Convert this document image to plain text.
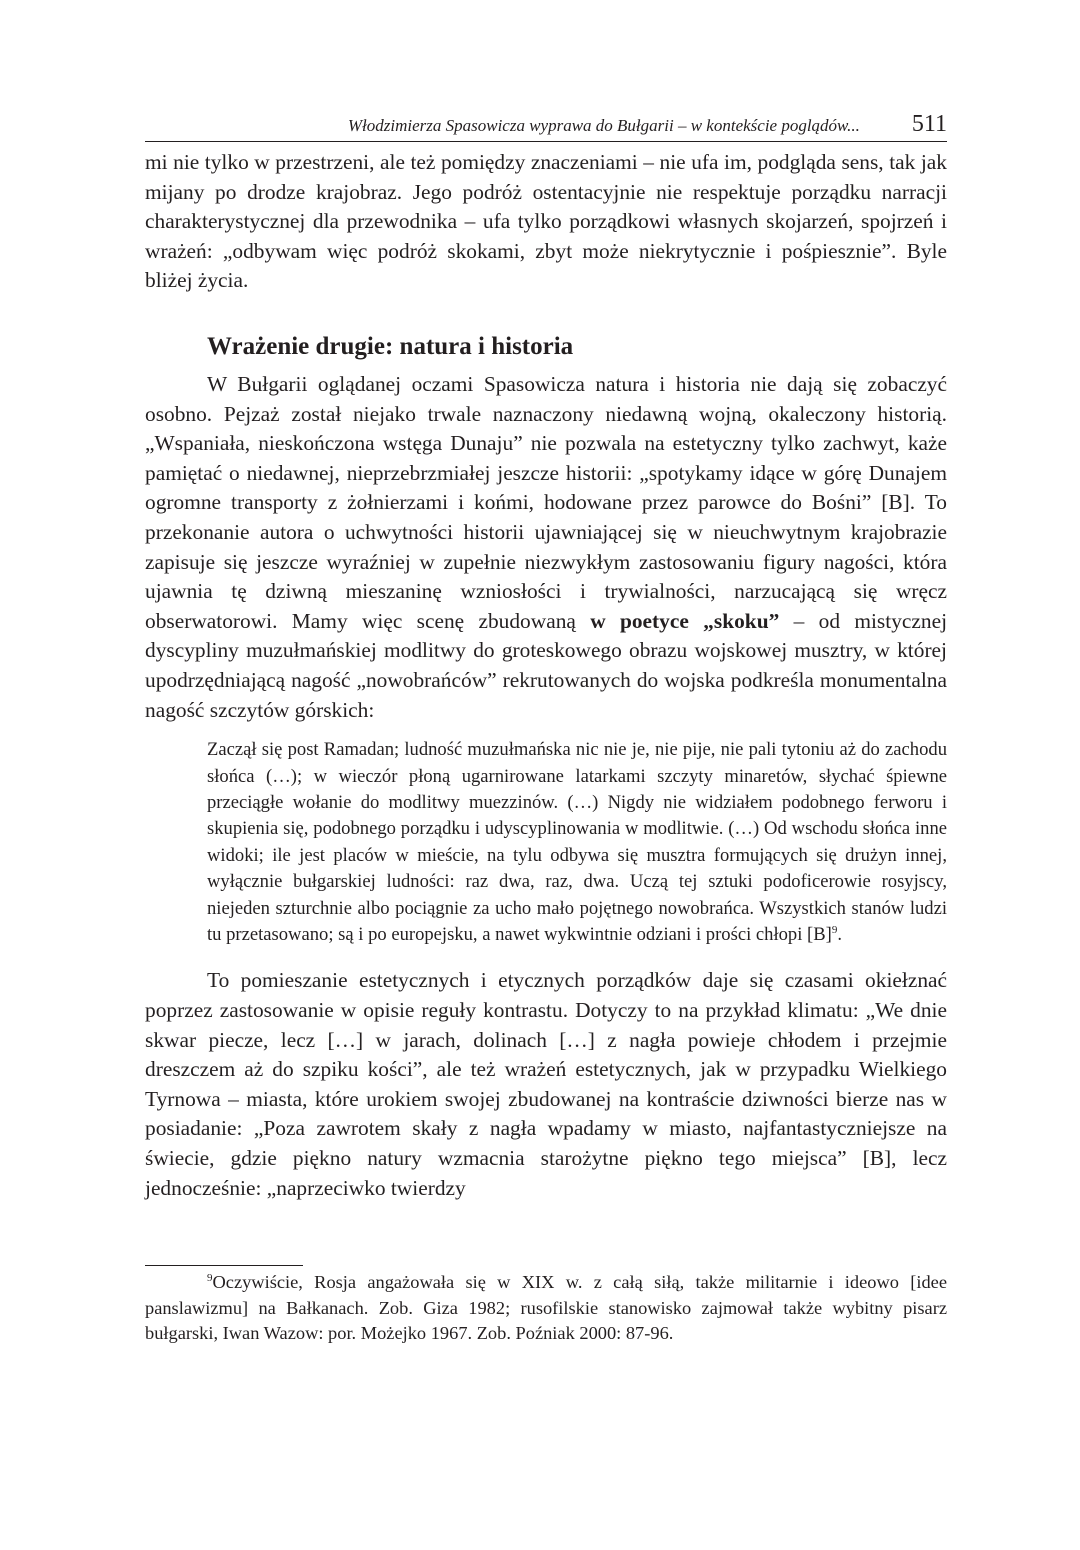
Włodzimierza Spasowicza wyprawa do Bułgarii – w kontekście poglądów... 511

mi nie tylko w przestrzeni, ale też pomiędzy znaczeniami – nie ufa im, podgląda sens, tak jak mijany po drodze krajobraz. Jego podróż ostentacyjnie nie respektuje porządku narracji charakterystycznej dla przewodnika – ufa tylko porządkowi własnych skojarzeń, spojrzeń i wrażeń: „odbywam więc podróż skokami, zbyt może niekrytycznie i pośpiesznie”. Byle bliżej życia.

Wrażenie drugie: natura i historia

W Bułgarii oglądanej oczami Spasowicza natura i historia nie dają się zobaczyć osobno. Pejzaż został niejako trwale naznaczony niedawną wojną, okaleczony historią. „Wspaniała, nieskończona wstęga Dunaju” nie pozwala na estetyczny tylko zachwyt, każe pamiętać o niedawnej, nieprzebrzmiałej jeszcze historii: „spotykamy idące w górę Dunajem ogromne transporty z żołnierzami i końmi, hodowane przez parowce do Bośni” [B]. To przekonanie autora o uchwytności historii ujawniającej się w nieuchwytnym krajobrazie zapisuje się jeszcze wyraźniej w zupełnie niezwykłym zastosowaniu figury nagości, która ujawnia tę dziwną mieszaninę wzniosłości i trywialności, narzucającą się wręcz obserwatorowi. Mamy więc scenę zbudowaną w poetyce „skoku” – od mistycznej dyscypliny muzułmańskiej modlitwy do groteskowego obrazu wojskowej musztry, w której upodrzędniającą nagość „nowobrańców” rekrutowanych do wojska podkreśla monumentalna nagość szczytów górskich:

Zaczął się post Ramadan; ludność muzułmańska nic nie je, nie pije, nie pali tytoniu aż do zachodu słońca (…); w wieczór płoną ugarnirowane latarkami szczyty minaretów, słychać śpiewne przeciągłe wołanie do modlitwy muezzinów. (…) Nigdy nie widziałem podobnego ferworu i skupienia się, podobnego porządku i udyscyplinowania w modlitwie. (…) Od wschodu słońca inne widoki; ile jest placów w mieście, na tylu odbywa się musztra formujących się drużyn innej, wyłącznie bułgarskiej ludności: raz dwa, raz, dwa. Uczą tej sztuki podoficerowie rosyjscy, niejeden szturchnie albo pociągnie za ucho mało pojętnego nowobrańca. Wszystkich stanów ludzi tu przetasowano; są i po europejsku, a nawet wykwintnie odziani i prości chłopi $[B]^9$.

To pomieszanie estetycznych i etycznych porządków daje się czasami okiełznać poprzez zastosowanie w opisie reguły kontrastu. Dotyczy to na przykład klimatu: „We dnie skwar piecze, lecz […] w jarach, dolinach […] z nagła powieje chłodem i przejmie dreszczem aż do szpiku kości”, ale też wrażeń estetycznych, jak w przypadku Wielkiego Tyrnowa – miasta, które urokiem swojej zbudowanej na kontraście dziwności bierze nas w posiadanie: „Poza zawrotem skały z nagła wpadamy w miasto, najfantastyczniejsze na świecie, gdzie piękno natury wzmacnia starożytne piękno tego miejsca” [B], lecz jednocześnie: „naprzeciwko twierdzy

$^9$Oczywiście, Rosja angażowała się w XIX w. z całą siłą, także militarnie i ideowo [idee panslawizmu] na Bałkanach. Zob. Giza 1982; rusofilskie stanowisko zajmował także wybitny pisarz bułgarski, Iwan Wazow: por. Możejko 1967. Zob. Poźniak 2000: 87-96.
